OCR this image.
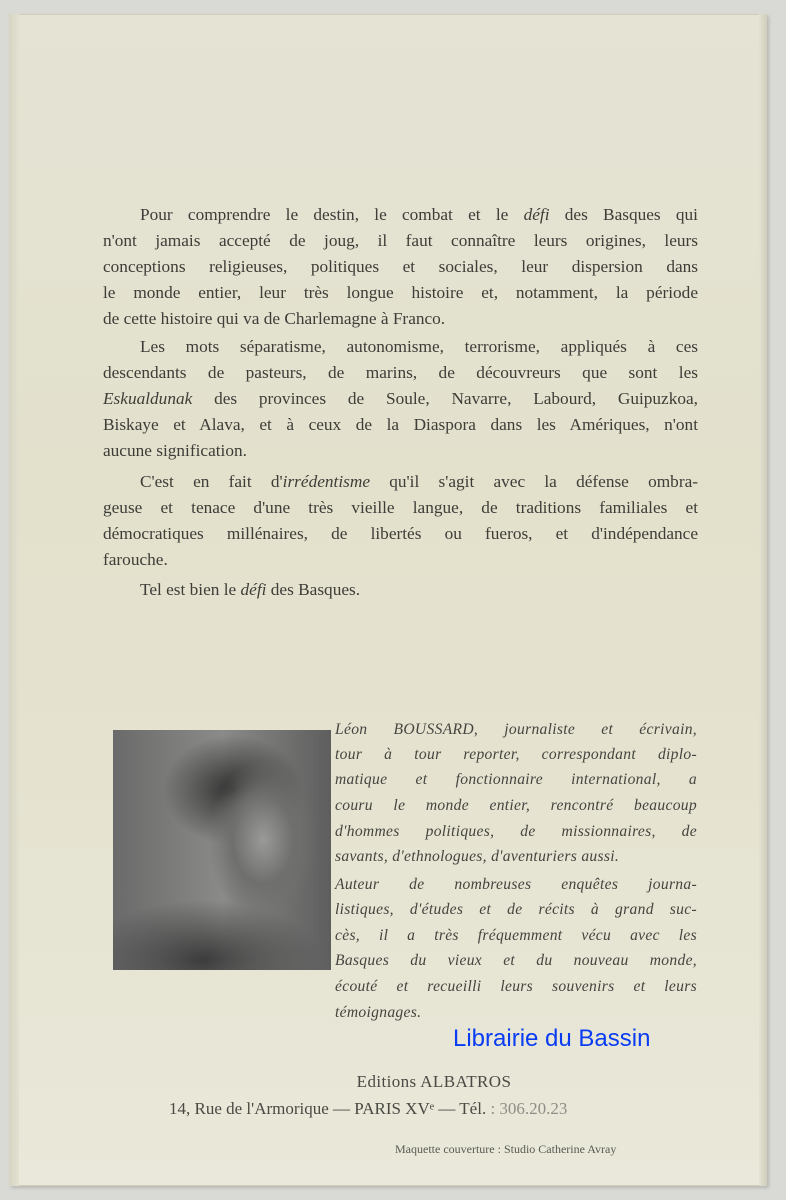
Pour comprendre le destin, le combat et le défi des Basques qui
n'ont jamais accepté de joug, il faut connaître leurs origines, leurs
conceptions religieuses, politiques et sociales, leur dispersion dans
le monde entier, leur très longue histoire et, notamment, la période
de cette histoire qui va de Charlemagne à Franco.
Les mots séparatisme, autonomisme, terrorisme, appliqués à ces
descendants de pasteurs, de marins, de découvreurs que sont les
Eskualdunak des provinces de Soule, Navarre, Labourd, Guipuzkoa,
Biskaye et Alava, et à ceux de la Diaspora dans les Amériques, n'ont
aucune signification.
C'est en fait d'irrédentisme qu'il s'agit avec la défense ombra-
geuse et tenace d'une très vieille langue, de traditions familiales et
démocratiques millénaires, de libertés ou fueros, et d'indépendance
farouche.
Tel est bien le défi des Basques.
Léon BOUSSARD, journaliste et écrivain,
tour à tour reporter, correspondant diplo-
matique et fonctionnaire international, a
couru le monde entier, rencontré beaucoup
d'hommes politiques, de missionnaires, de
savants, d'ethnologues, d'aventuriers aussi.
Auteur de nombreuses enquêtes journa-
listiques, d'études et de récits à grand suc-
cès, il a très fréquemment vécu avec les
Basques du vieux et du nouveau monde,
écouté et recueilli leurs souvenirs et leurs
témoignages.
Librairie du Bassin
Editions ALBATROS
14, Rue de l'Armorique — PARIS XVᵉ — Tél. : 306.20.23
Maquette couverture : Studio Catherine Avray
